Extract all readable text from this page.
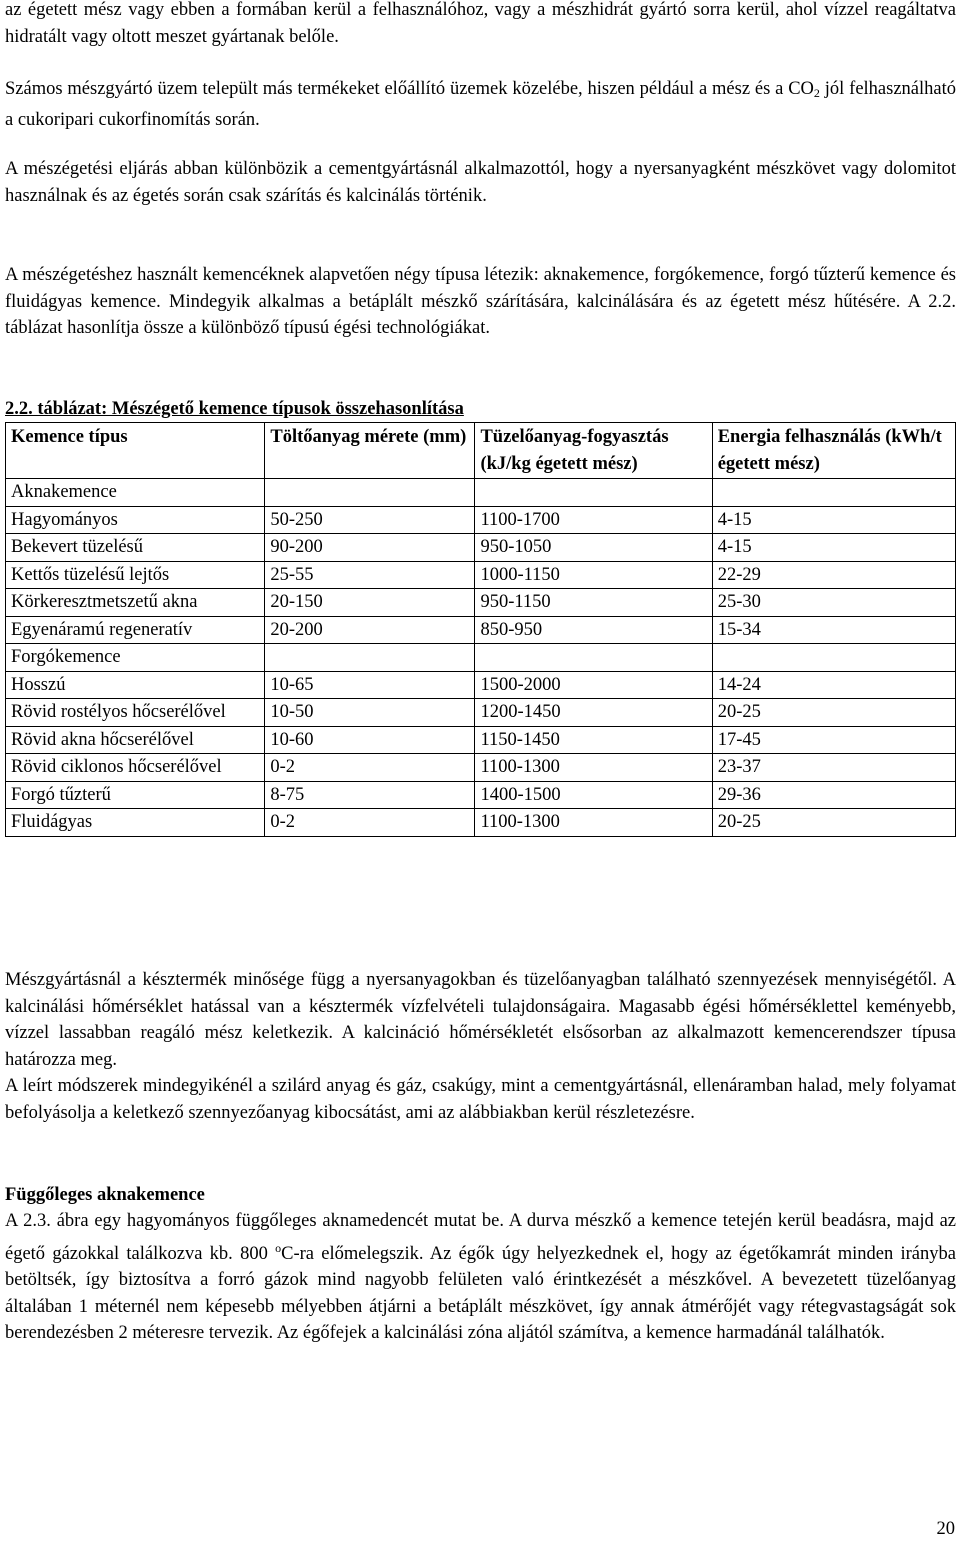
az égetett mész vagy ebben a formában kerül a felhasználóhoz, vagy a mészhidrát gyártó sorra kerül, ahol vízzel reagáltatva hidratált vagy oltott meszet gyártanak belőle.

Számos mészgyártó üzem települt más termékeket előállító üzemek közelébe, hiszen például a mész és a $CO_2$ jól felhasználható a cukoripari cukorfinomítás során.

A mészégetési eljárás abban különbözik a cementgyártásnál alkalmazottól, hogy a nyersanyagként mészkövet vagy dolomitot használnak és az égetés során csak szárítás és kalcinálás történik.

A mészégetéshez használt kemencéknek alapvetően négy típusa létezik: aknakemence, forgókemence, forgó tűzterű kemence és fluidágyas kemence. Mindegyik alkalmas a betáplált mészkő szárítására, kalcinálására és az égetett mész hűtésére. A 2.2. táblázat hasonlítja össze a különböző típusú égési technológiákat.

2.2. táblázat: Mészégető kemence típusok összehasonlítása
Kemence típus	Töltőanyag mérete (mm)	Tüzelőanyag-fogyasztás (kJ/kg égetett mész)	Energia felhasználás (kWh/t égetett mész)
Aknakemence			
Hagyományos	50-250	1100-1700	4-15
Bekevert tüzelésű	90-200	950-1050	4-15
Kettős tüzelésű lejtős	25-55	1000-1150	22-29
Körkeresztmetszetű akna	20-150	950-1150	25-30
Egyenáramú regeneratív	20-200	850-950	15-34
Forgókemence			
Hosszú	10-65	1500-2000	14-24
Rövid rostélyos hőcserélővel	10-50	1200-1450	20-25
Rövid akna hőcserélővel	10-60	1150-1450	17-45
Rövid ciklonos hőcserélővel	0-2	1100-1300	23-37
Forgó tűzterű	8-75	1400-1500	29-36
Fluidágyas	0-2	1100-1300	20-25

Mészgyártásnál a késztermék minősége függ a nyersanyagokban és tüzelőanyagban található szennyezések mennyiségétől. A kalcinálási hőmérséklet hatással van a késztermék vízfelvételi tulajdonságaira. Magasabb égési hőmérséklettel keményebb, vízzel lassabban reagáló mész keletkezik. A kalcináció hőmérsékletét elsősorban az alkalmazott kemencerendszer típusa határozza meg.
A leírt módszerek mindegyikénél a szilárd anyag és gáz, csakúgy, mint a cementgyártásnál, ellenáramban halad, mely folyamat befolyásolja a keletkező szennyezőanyag kibocsátást, ami az alábbiakban kerül részletezésre.

Függőleges aknakemence

A 2.3. ábra egy hagyományos függőleges aknamedencét mutat be. A durva mészkő a kemence tetején kerül beadásra, majd az égető gázokkal találkozva kb. 800 $^o$C-ra előmelegszik. Az égők úgy helyezkednek el, hogy az égetőkamrát minden irányba betöltsék, így biztosítva a forró gázok mind nagyobb felületen való érintkezését a mészkővel. A bevezetett tüzelőanyag általában 1 méternél nem képesebb mélyebben átjárni a betáplált mészkövet, így annak átmérőjét vagy rétegvastagságát sok berendezésben 2 méteresre tervezik. Az égőfejek a kalcinálási zóna aljától számítva, a kemence harmadánál találhatók.

20
